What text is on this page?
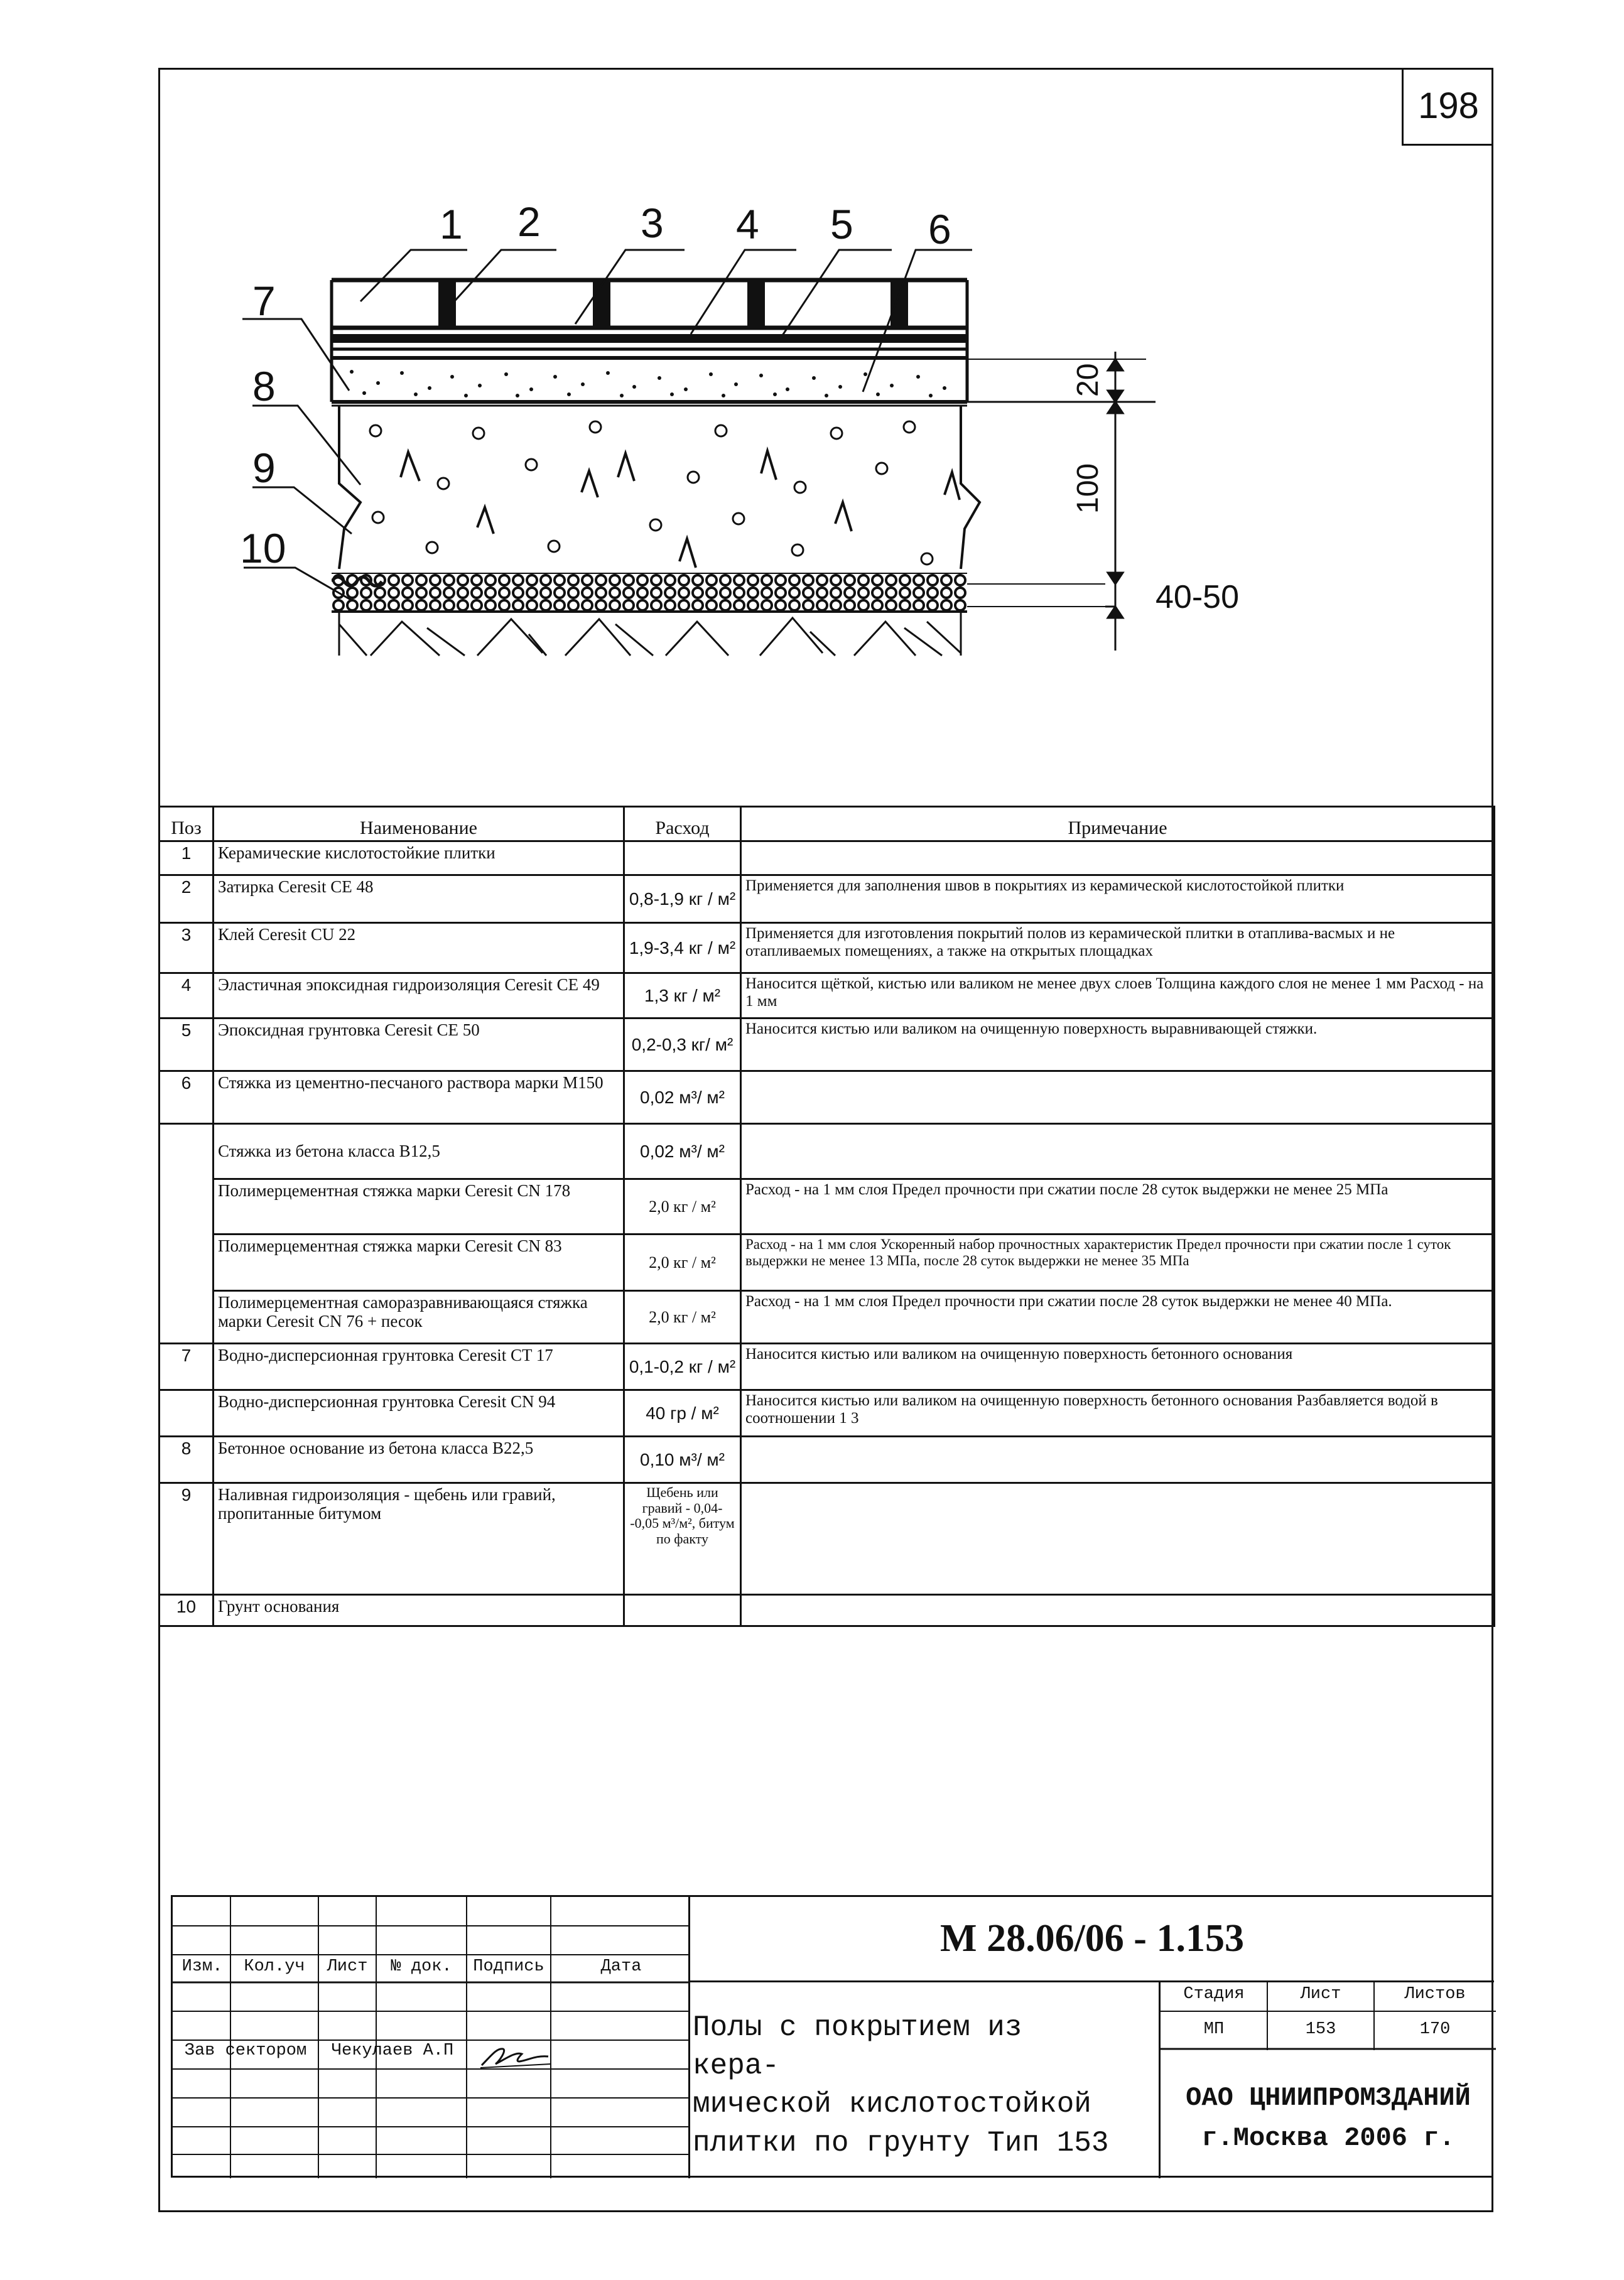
198
1 2 3 4 5 6
7
8
9
10
20
100
40-50
Поз	Наименование	Расход	Примечание
1	Керамические кислотостойкие плитки		
2	Затирка Ceresit CE 48	0,8-1,9 кг / м²	Применяется для заполнения швов в покрытиях из керамической кислотостойкой плитки
3	Клей Ceresit CU 22	1,9-3,4 кг / м²	Применяется для изготовления покрытий полов из керамической плитки в отаплива-васмых и не отапливаемых помещениях, а также на открытых площадках
4	Эластичная эпоксидная гидроизоляция Ceresit CE 49	1,3 кг / м²	Наносится щёткой, кистью или валиком не менее двух слоев Толщина каждого слоя не менее 1 мм Расход - на 1 мм
5	Эпоксидная грунтовка Ceresit CE 50	0,2-0,3 кг/ м²	Наносится кистью или валиком на очищенную поверхность выравнивающей стяжки.
6	Стяжка из цементно-песчаного раствора марки М150	0,02 м³/ м²	
	Стяжка из бетона класса В12,5	0,02 м³/ м²	
	Полимерцементная стяжка марки Ceresit CN 178	2,0 кг / м²	Расход - на 1 мм слоя Предел прочности при сжатии после 28 суток выдержки не менее 25 МПа
	Полимерцементная стяжка марки Ceresit CN 83	2,0 кг / м²	Расход - на 1 мм слоя Ускоренный набор прочностных характеристик Предел прочности при сжатии после 1 суток выдержки не менее 13 МПа, после 28 суток выдержки не менее 35 МПа
	Полимерцементная саморазравнивающаяся стяжка марки Ceresit CN 76 + песок	2,0 кг / м²	Расход - на 1 мм слоя Предел прочности при сжатии после 28 суток выдержки не менее 40 МПа.
7	Водно-дисперсионная грунтовка Ceresit CT 17	0,1-0,2 кг / м²	Наносится кистью или валиком на очищенную поверхность бетонного основания
	Водно-дисперсионная грунтовка Ceresit CN 94	40 гр / м²	Наносится кистью или валиком на очищенную поверхность бетонного основания Разбавляется водой в соотношении 1 3
8	Бетонное основание из бетона класса В22,5	0,10 м³/ м²	
9	Наливная гидроизоляция - щебень или гравий, пропитанные битумом	Щебень или гравий - 0,04--0,05 м³/м², битум по факту	
10	Грунт основания		
Изм.	Кол.уч	Лист	№ док.	Подпись	Дата
Зав сектором	Чекулаев А.П
М 28.06/06 - 1.153
Полы с покрытием из кера-
мической кислотостойкой
плитки по грунту Тип 153
Стадия	Лист	Листов
МП	153	170
ОАО ЦНИИПРОМЗДАНИЙ
г.Москва 2006 г.
